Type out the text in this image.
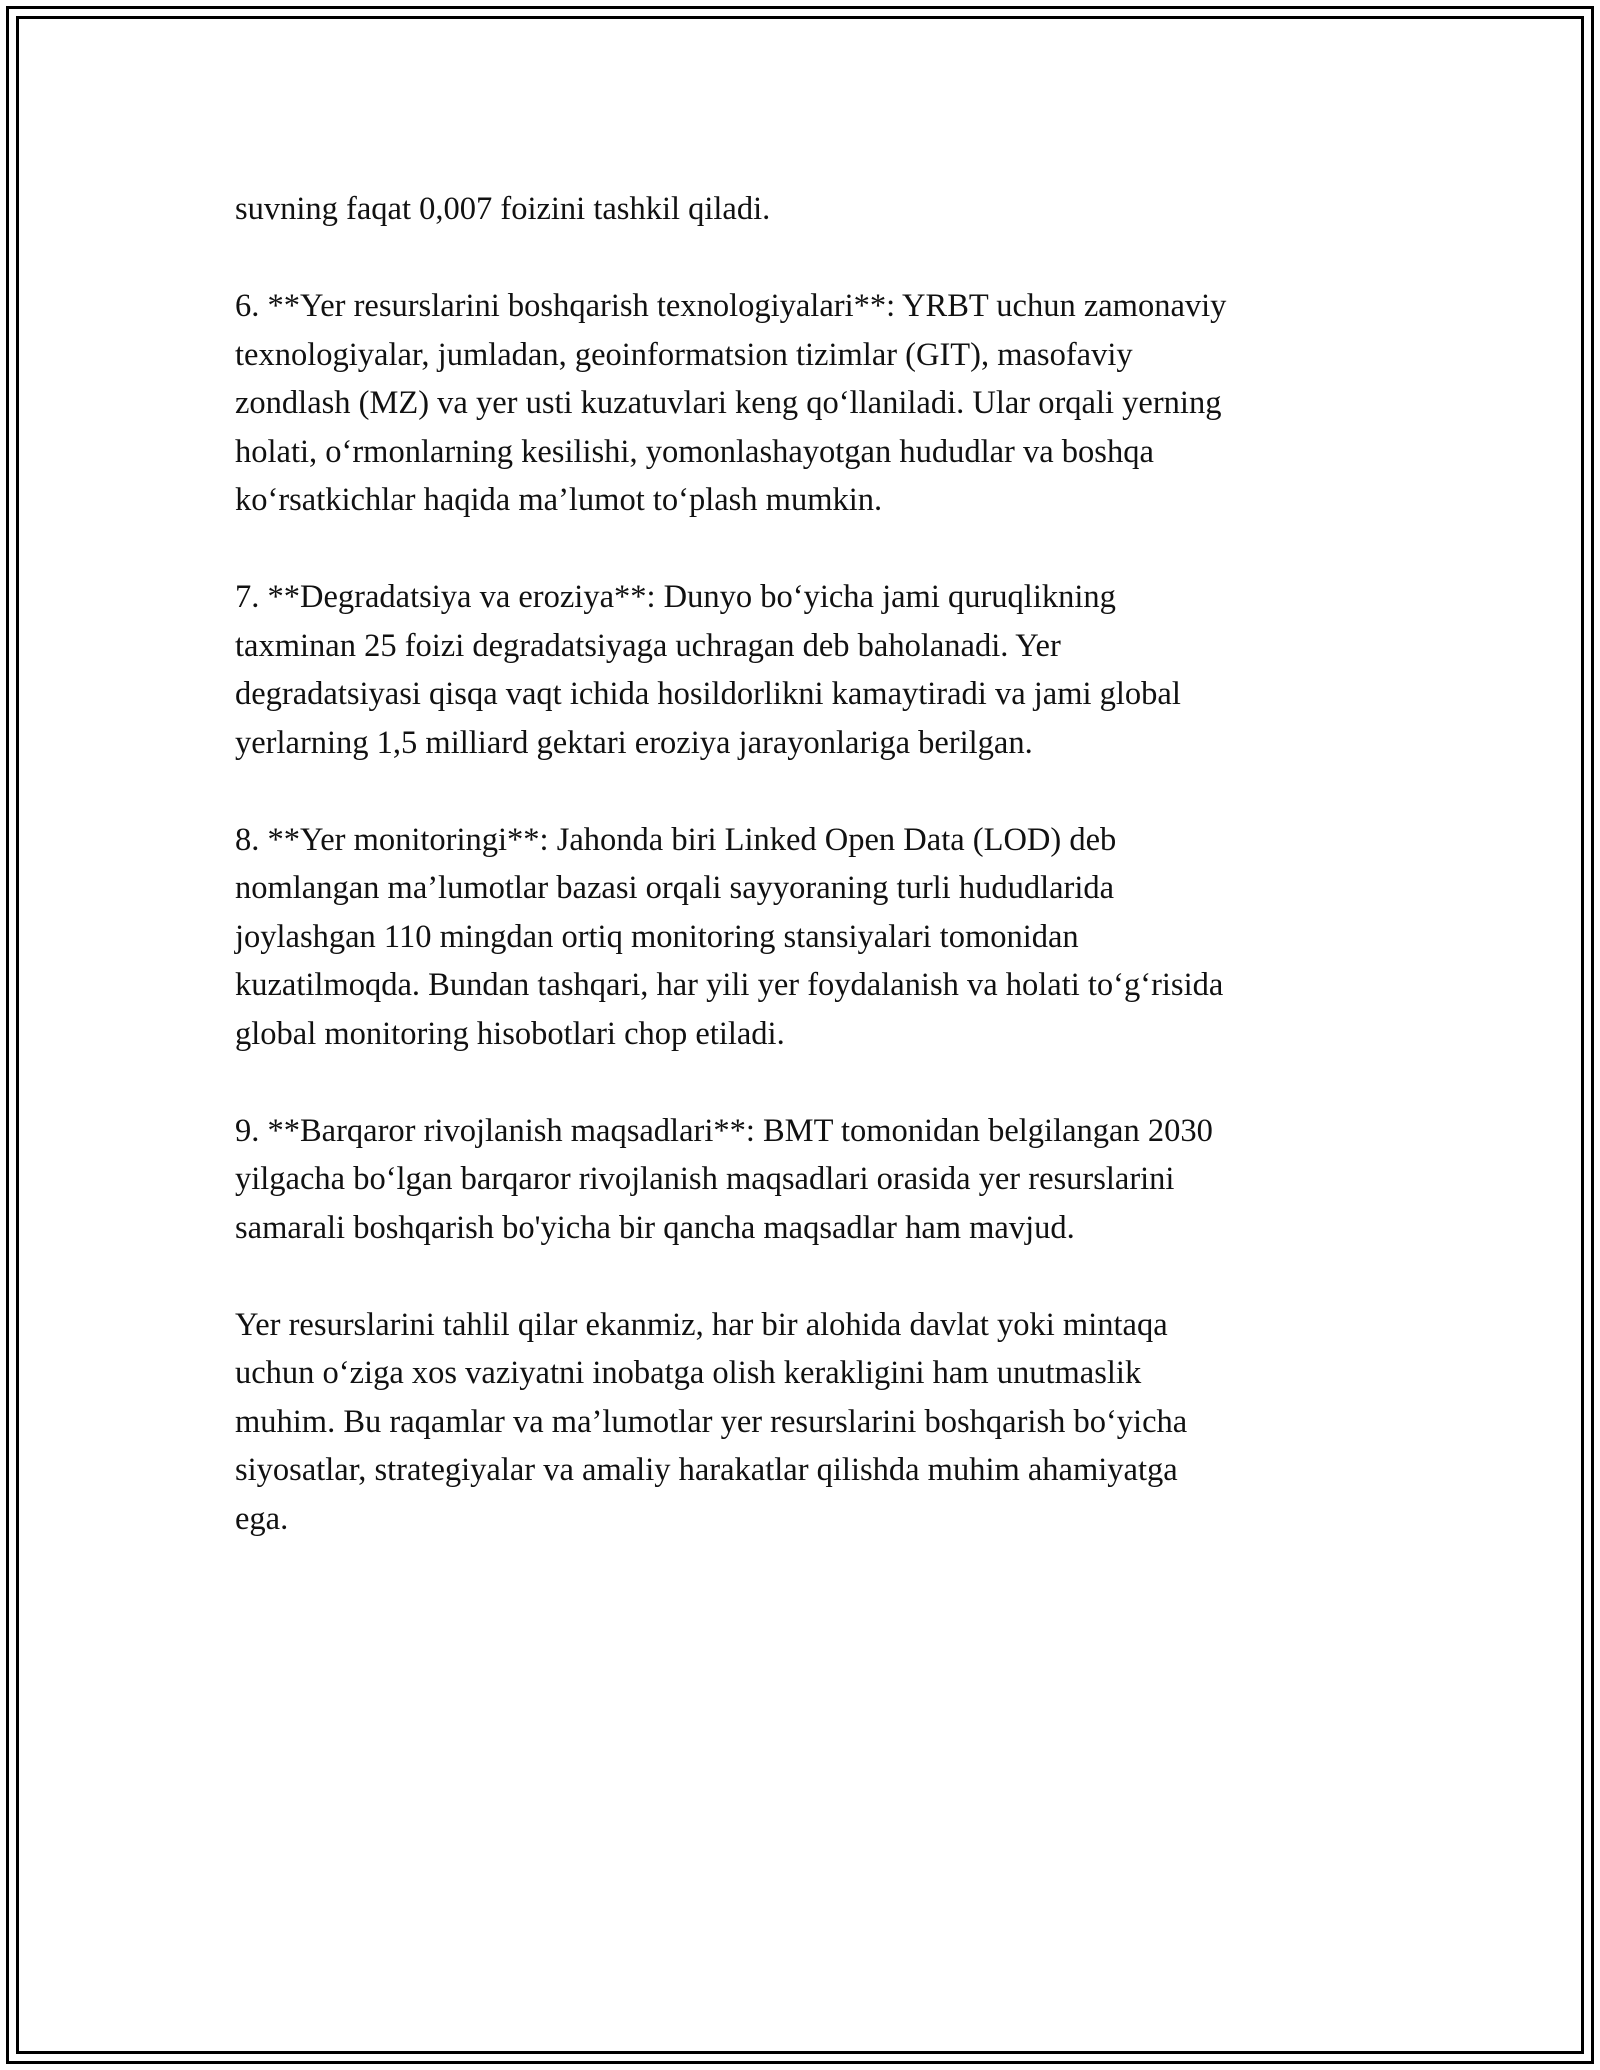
suvning faqat 0,007 foizini tashkil qiladi.

6. **Yer resurslarini boshqarish texnologiyalari**: YRBT uchun zamonaviy
texnologiyalar, jumladan, geoinformatsion tizimlar (GIT), masofaviy
zondlash (MZ) va yer usti kuzatuvlari keng qo‘llaniladi. Ular orqali yerning
holati, o‘rmonlarning kesilishi, yomonlashayotgan hududlar va boshqa
ko‘rsatkichlar haqida ma’lumot to‘plash mumkin.

7. **Degradatsiya va eroziya**: Dunyo bo‘yicha jami quruqlikning
taxminan 25 foizi degradatsiyaga uchragan deb baholanadi. Yer
degradatsiyasi qisqa vaqt ichida hosildorlikni kamaytiradi va jami global
yerlarning 1,5 milliard gektari eroziya jarayonlariga berilgan.

8. **Yer monitoringi**: Jahonda biri Linked Open Data (LOD) deb
nomlangan ma’lumotlar bazasi orqali sayyoraning turli hududlarida
joylashgan 110 mingdan ortiq monitoring stansiyalari tomonidan
kuzatilmoqda. Bundan tashqari, har yili yer foydalanish va holati to‘g‘risida
global monitoring hisobotlari chop etiladi.

9. **Barqaror rivojlanish maqsadlari**: BMT tomonidan belgilangan 2030
yilgacha bo‘lgan barqaror rivojlanish maqsadlari orasida yer resurslarini
samarali boshqarish bo'yicha bir qancha maqsadlar ham mavjud.

Yer resurslarini tahlil qilar ekanmiz, har bir alohida davlat yoki mintaqa
uchun o‘ziga xos vaziyatni inobatga olish kerakligini ham unutmaslik
muhim. Bu raqamlar va ma’lumotlar yer resurslarini boshqarish bo‘yicha
siyosatlar, strategiyalar va amaliy harakatlar qilishda muhim ahamiyatga
ega.
